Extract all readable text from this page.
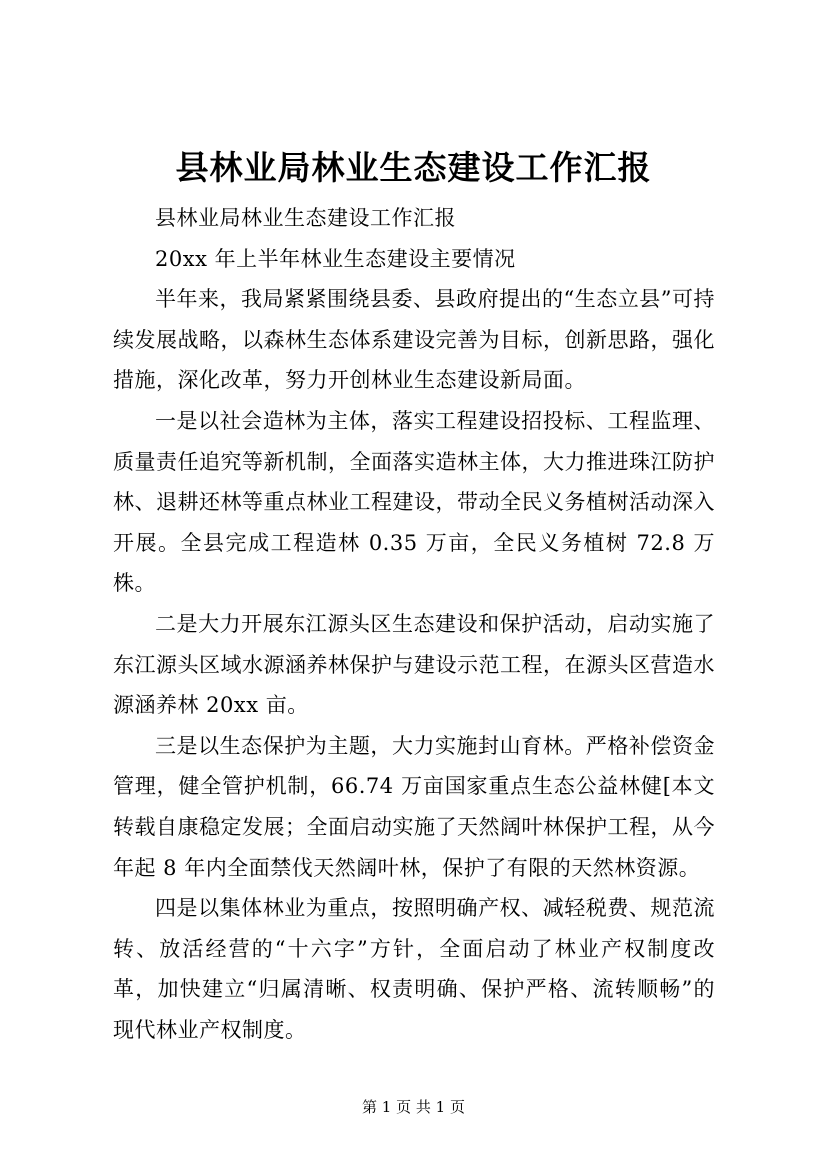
县林业局林业生态建设工作汇报

县林业局林业生态建设工作汇报

20xx 年上半年林业生态建设主要情况

半年来，我局紧紧围绕县委、县政府提出的“生态立县”可持续发展战略，以森林生态体系建设完善为目标，创新思路，强化措施，深化改革，努力开创林业生态建设新局面。

一是以社会造林为主体，落实工程建设招投标、工程监理、质量责任追究等新机制，全面落实造林主体，大力推进珠江防护林、退耕还林等重点林业工程建设，带动全民义务植树活动深入开展。全县完成工程造林 0.35 万亩，全民义务植树 72.8 万株。

二是大力开展东江源头区生态建设和保护活动，启动实施了东江源头区域水源涵养林保护与建设示范工程，在源头区营造水源涵养林 20xx 亩。

三是以生态保护为主题，大力实施封山育林。严格补偿资金管理，健全管护机制，66.74 万亩国家重点生态公益林健[本文转载自康稳定发展；全面启动实施了天然阔叶林保护工程，从今年起 8 年内全面禁伐天然阔叶林，保护了有限的天然林资源。

四是以集体林业为重点，按照明确产权、减轻税费、规范流转、放活经营的“十六字”方针，全面启动了林业产权制度改革，加快建立“归属清晰、权责明确、保护严格、流转顺畅”的现代林业产权制度。

第 1 页 共 1 页
